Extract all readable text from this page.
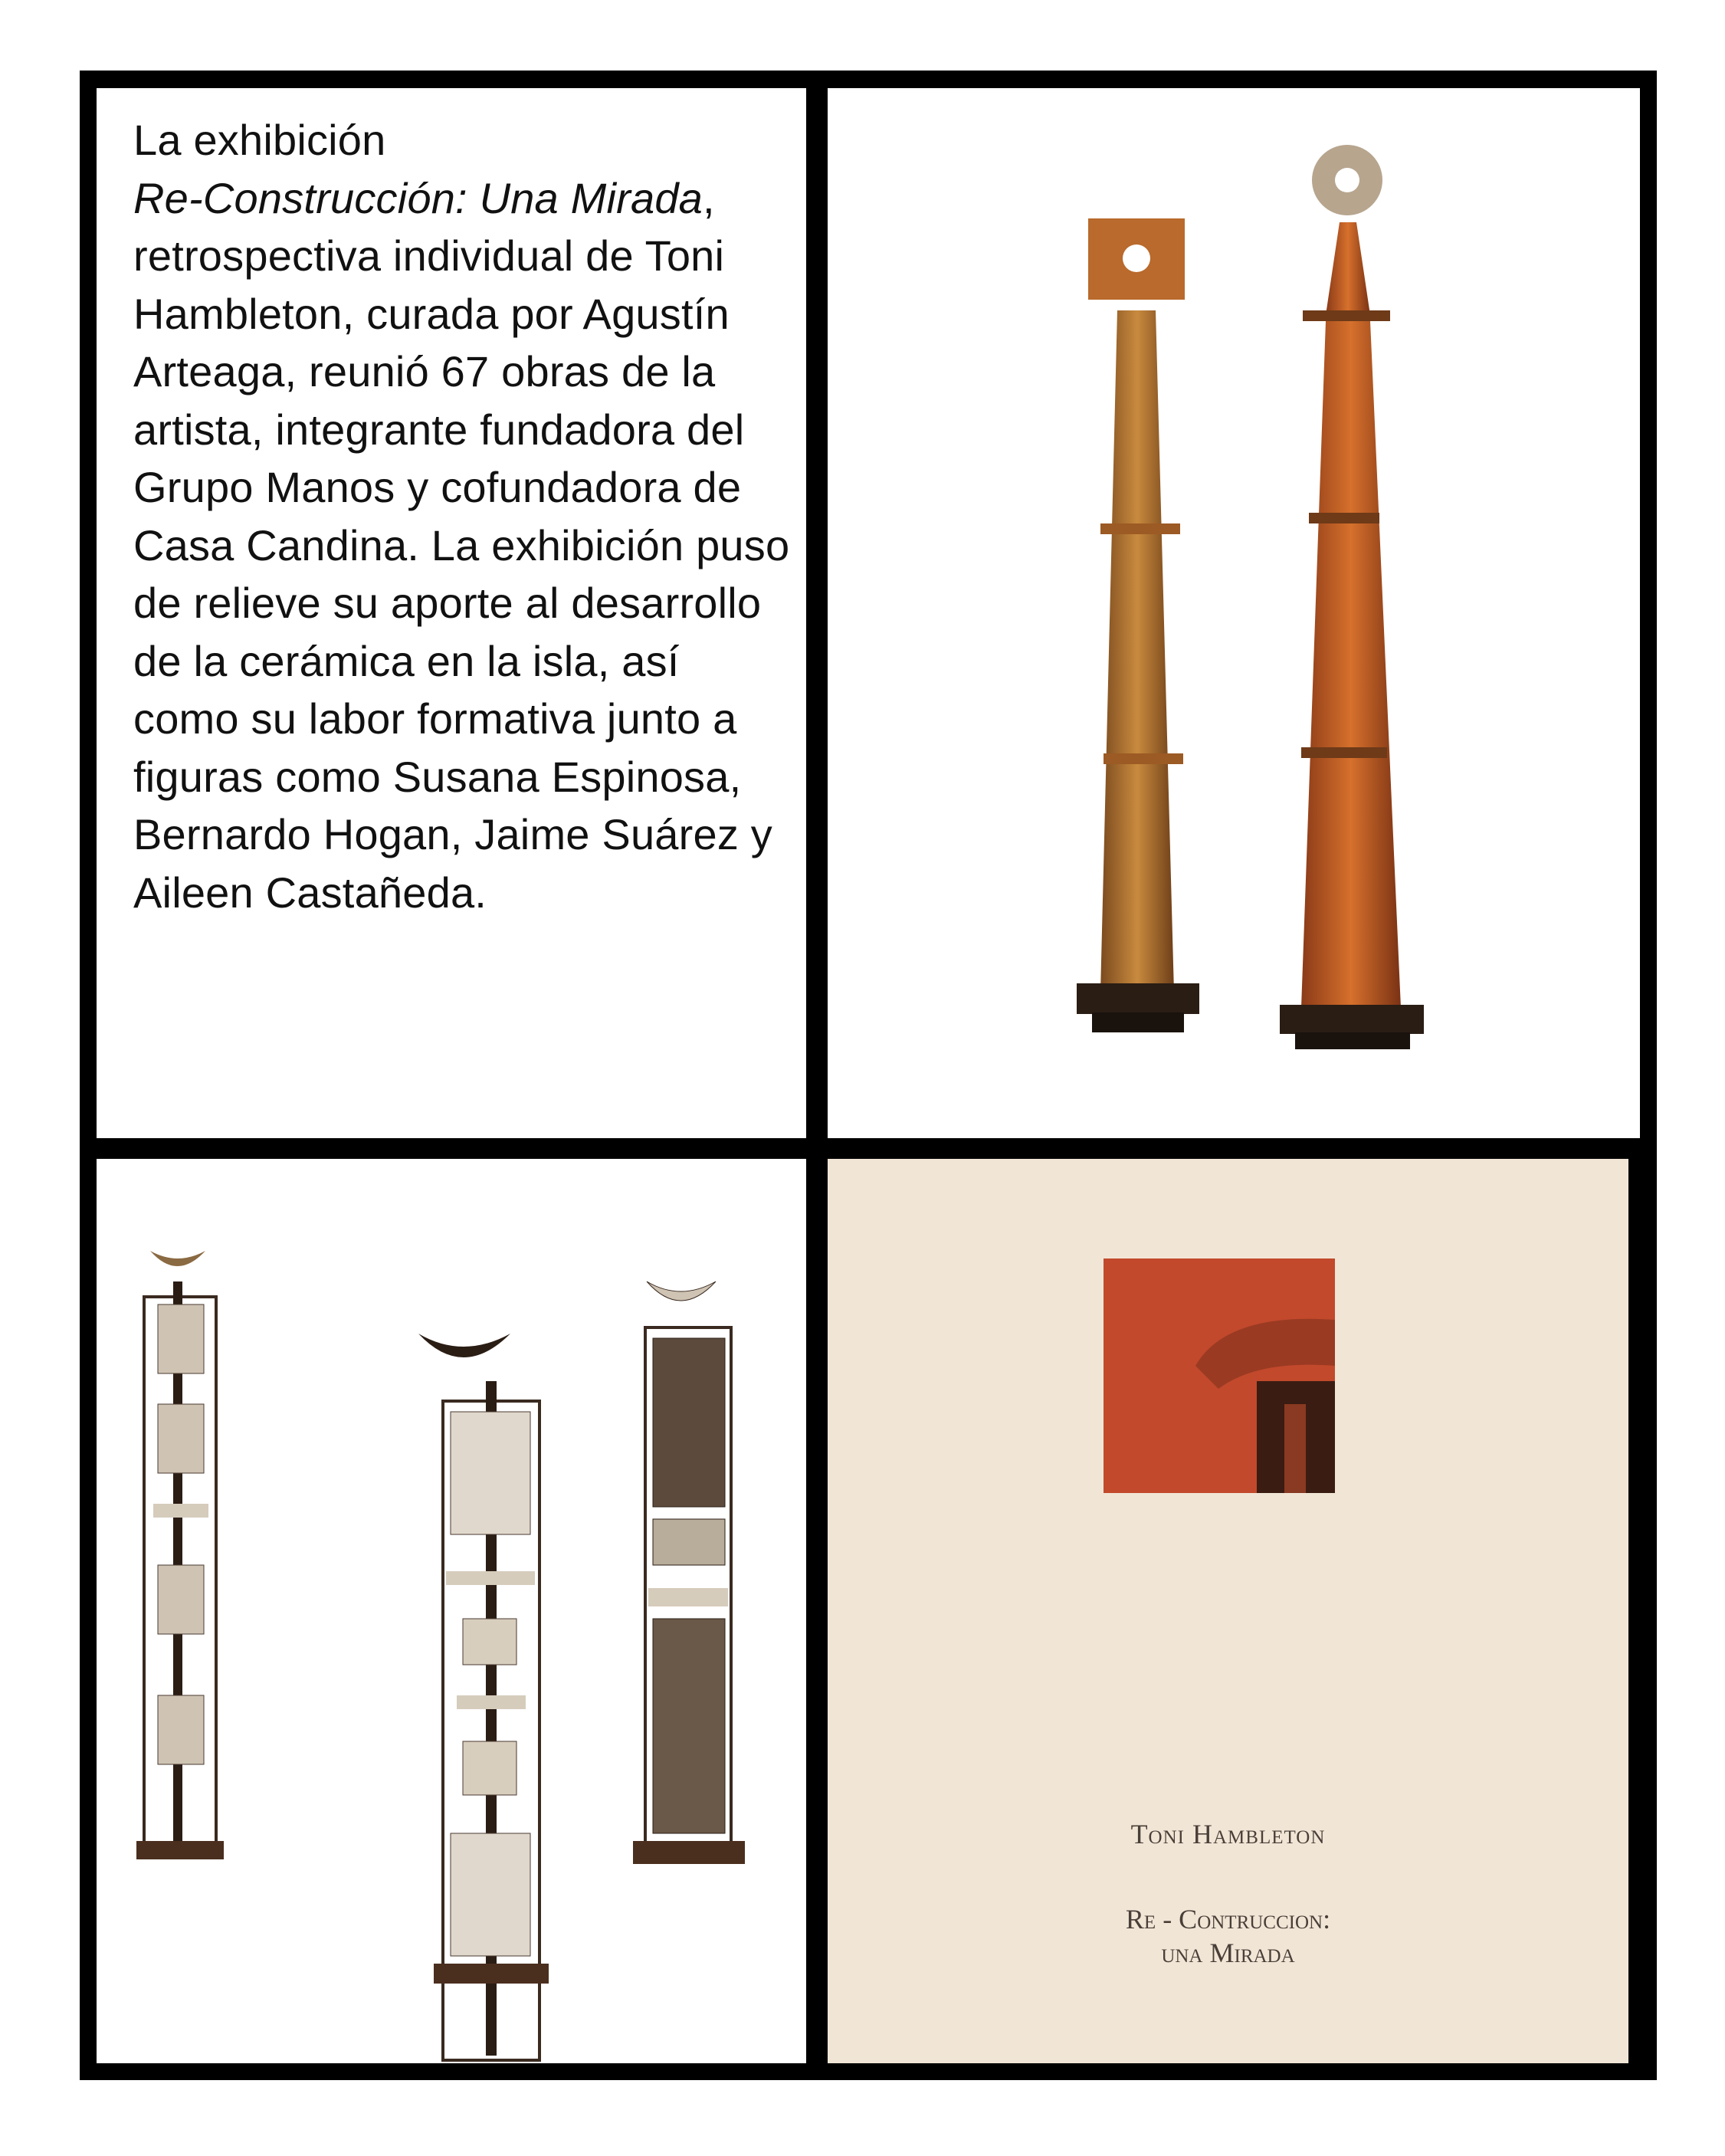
La exhibición
Re-Construcción: Una Mirada, retrospectiva individual de Toni Hambleton, curada por Agustín Arteaga, reunió 67 obras de la artista, integrante fundadora del Grupo Manos y cofundadora de Casa Candina. La exhibición puso de relieve su aporte al desarrollo de la cerámica en la isla, así como su labor formativa junto a figuras como Susana Espinosa, Bernardo Hogan, Jaime Suárez y Aileen Castañeda.
Toni Hambleton
Re - Contruccion:
una Mirada
